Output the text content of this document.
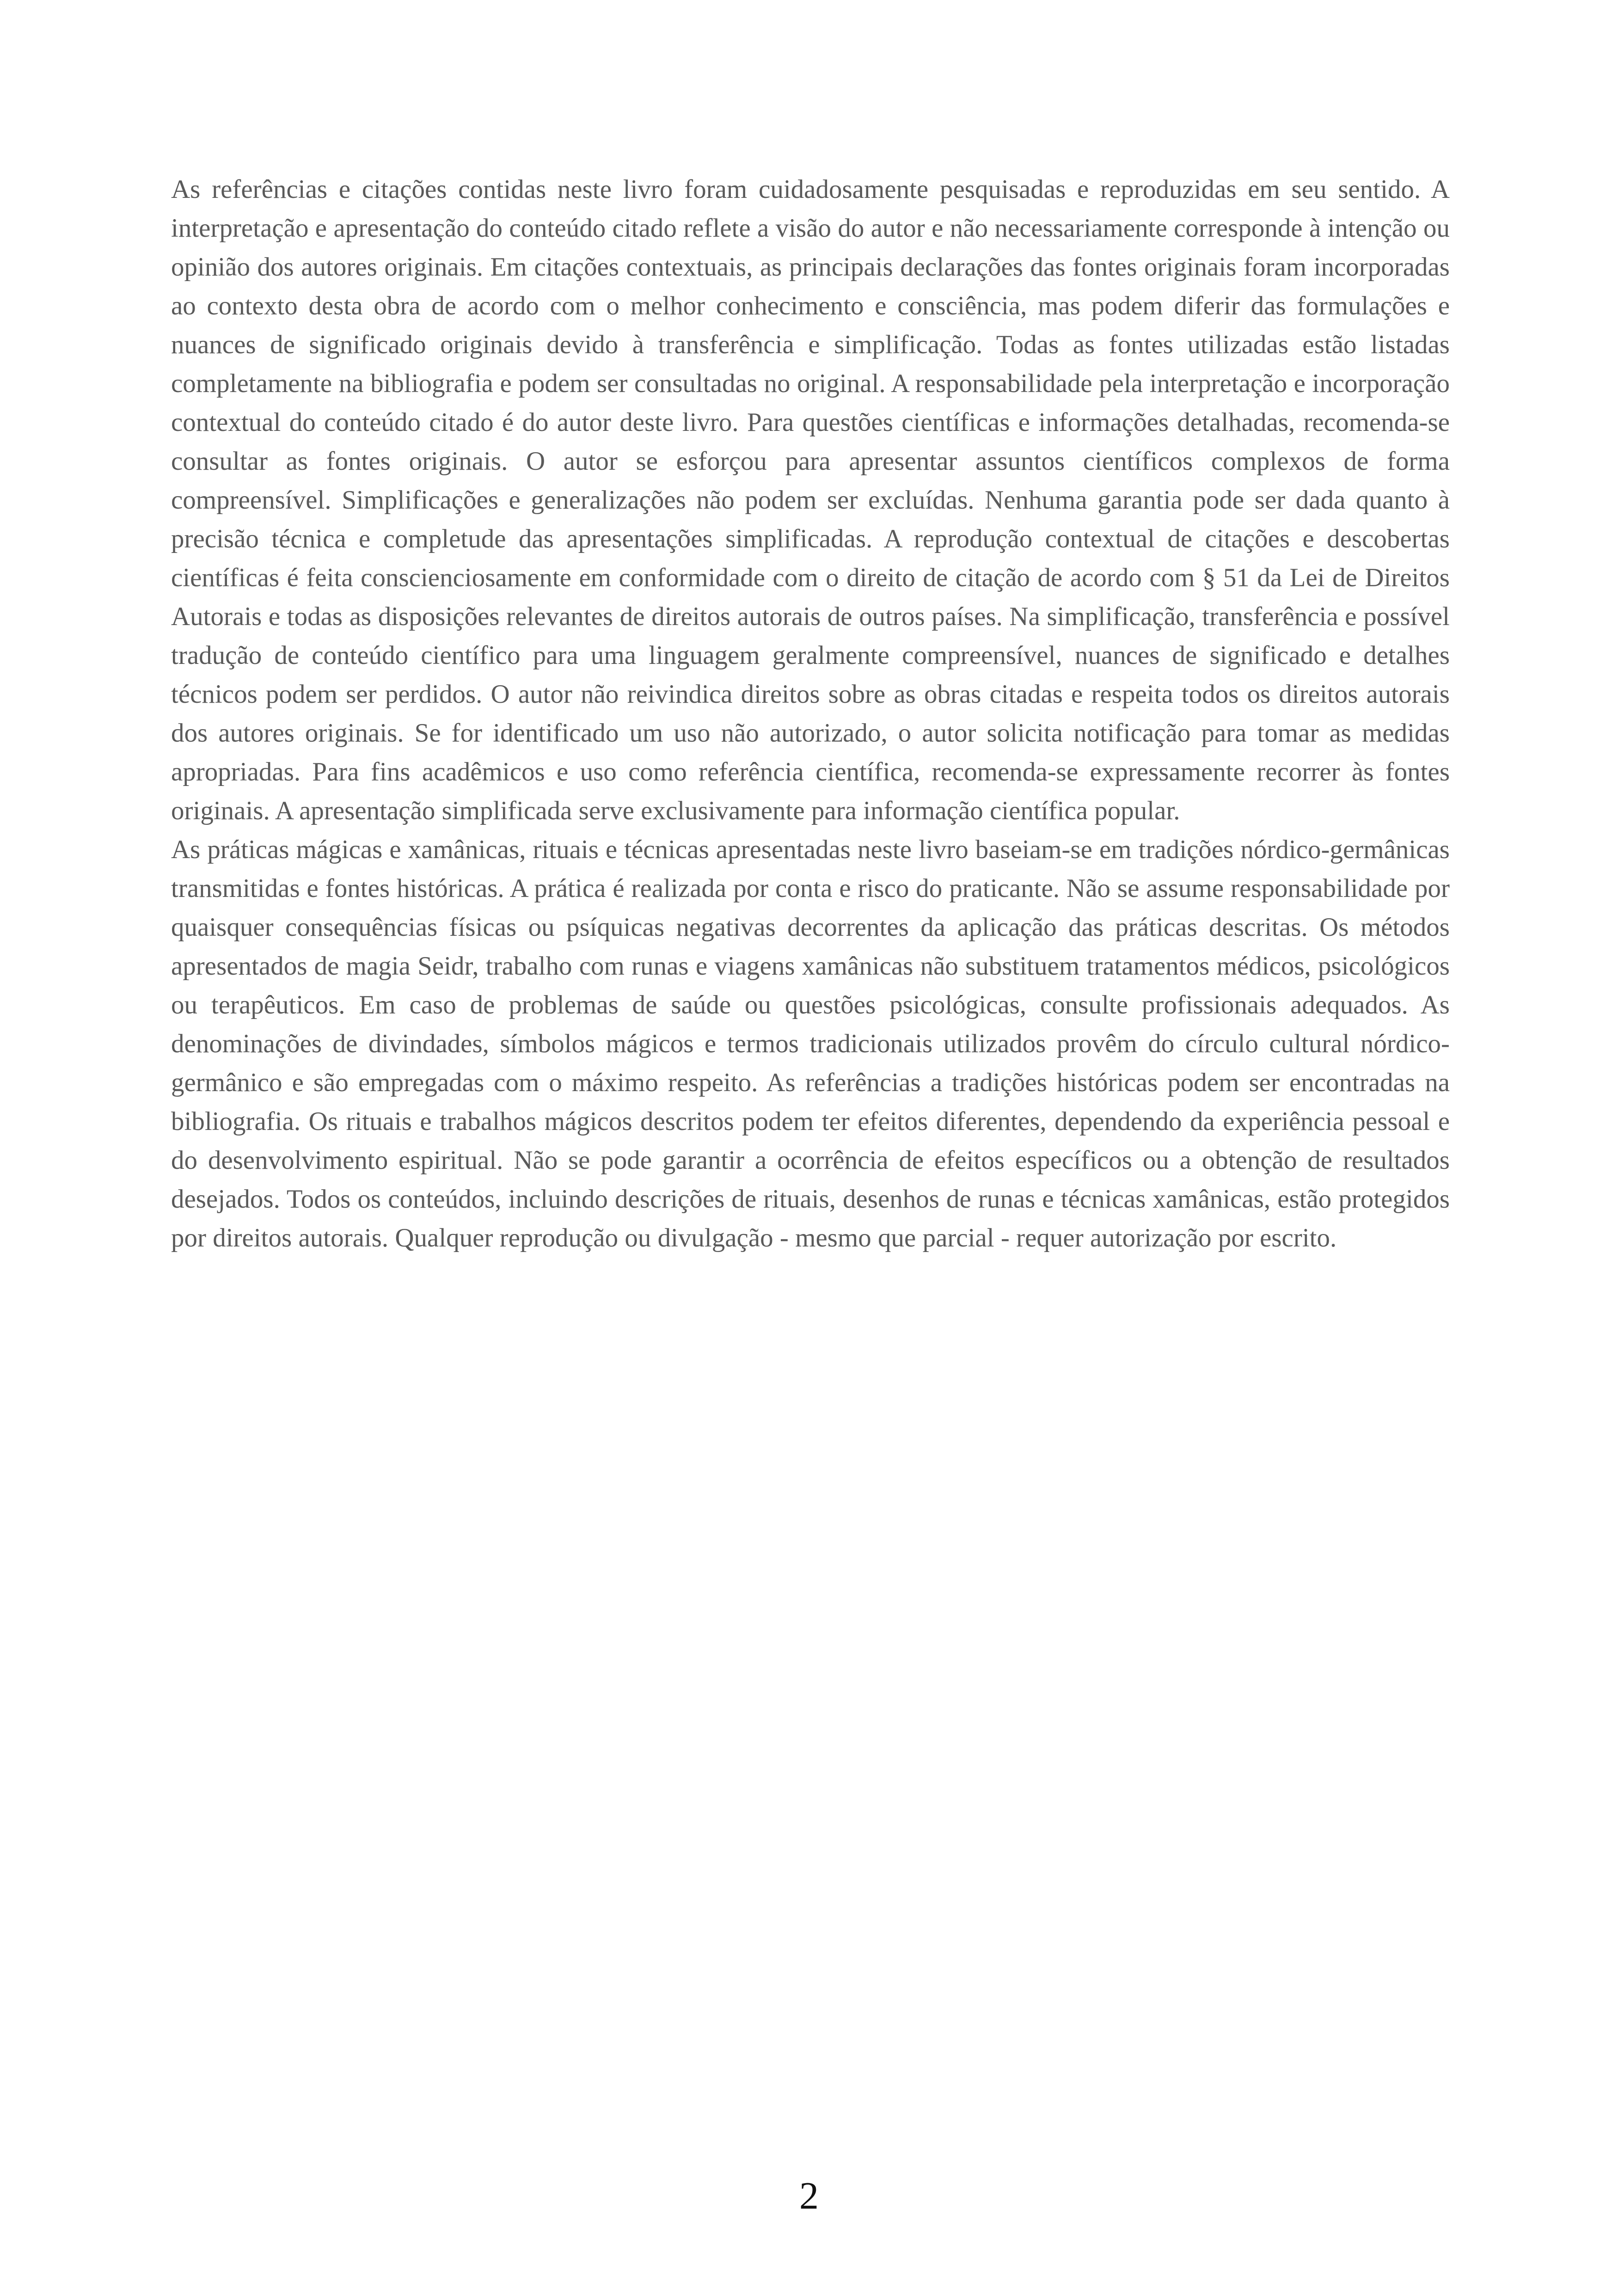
As referências e citações contidas neste livro foram cuidadosamente pesquisadas e reproduzidas em seu sentido. A interpretação e apresentação do conteúdo citado reflete a visão do autor e não necessariamente corresponde à intenção ou opinião dos autores originais. Em citações contextuais, as principais declarações das fontes originais foram incorporadas ao contexto desta obra de acordo com o melhor conhecimento e consciência, mas podem diferir das formulações e nuances de significado originais devido à transferência e simplificação. Todas as fontes utilizadas estão listadas completamente na bibliografia e podem ser consultadas no original. A responsabilidade pela interpretação e incorporação contextual do conteúdo citado é do autor deste livro. Para questões científicas e informações detalhadas, recomenda-se consultar as fontes originais. O autor se esforçou para apresentar assuntos científicos complexos de forma compreensível. Simplificações e generalizações não podem ser excluídas. Nenhuma garantia pode ser dada quanto à precisão técnica e completude das apresentações simplificadas. A reprodução contextual de citações e descobertas científicas é feita conscienciosamente em conformidade com o direito de citação de acordo com § 51 da Lei de Direitos Autorais e todas as disposições relevantes de direitos autorais de outros países. Na simplificação, transferência e possível tradução de conteúdo científico para uma linguagem geralmente compreensível, nuances de significado e detalhes técnicos podem ser perdidos. O autor não reivindica direitos sobre as obras citadas e respeita todos os direitos autorais dos autores originais. Se for identificado um uso não autorizado, o autor solicita notificação para tomar as medidas apropriadas. Para fins acadêmicos e uso como referência científica, recomenda-se expressamente recorrer às fontes originais. A apresentação simplificada serve exclusivamente para informação científica popular.

As práticas mágicas e xamânicas, rituais e técnicas apresentadas neste livro baseiam-se em tradições nórdico-germânicas transmitidas e fontes históricas. A prática é realizada por conta e risco do praticante. Não se assume responsabilidade por quaisquer consequências físicas ou psíquicas negativas decorrentes da aplicação das práticas descritas. Os métodos apresentados de magia Seidr, trabalho com runas e viagens xamânicas não substituem tratamentos médicos, psicológicos ou terapêuticos. Em caso de problemas de saúde ou questões psicológicas, consulte profissionais adequados. As denominações de divindades, símbolos mágicos e termos tradicionais utilizados provêm do círculo cultural nórdico-germânico e são empregadas com o máximo respeito. As referências a tradições históricas podem ser encontradas na bibliografia. Os rituais e trabalhos mágicos descritos podem ter efeitos diferentes, dependendo da experiência pessoal e do desenvolvimento espiritual. Não se pode garantir a ocorrência de efeitos específicos ou a obtenção de resultados desejados. Todos os conteúdos, incluindo descrições de rituais, desenhos de runas e técnicas xamânicas, estão protegidos por direitos autorais. Qualquer reprodução ou divulgação - mesmo que parcial - requer autorização por escrito.

2
